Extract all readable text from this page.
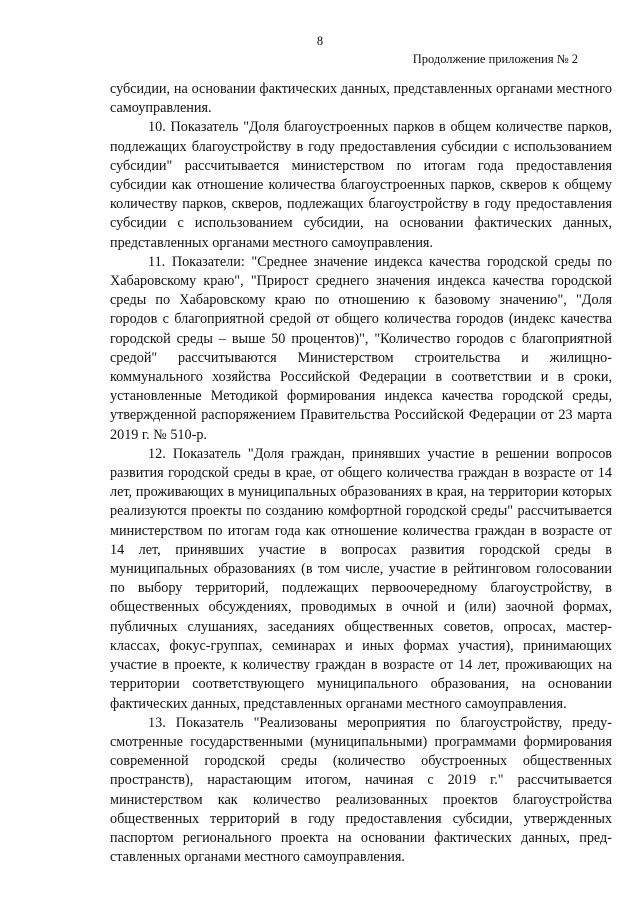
8
Продолжение приложения № 2

субсидии, на основании фактических данных, представленных органами местного самоуправления.

10. Показатель "Доля благоустроенных парков в общем количестве парков, подлежащих благоустройству в году предоставления субсидии с использованием субсидии" рассчитывается министерством по итогам года предоставления субсидии как отношение количества благоустроенных парков, скверов к общему количеству парков, скверов, подлежащих благоустройству в году предоставления субсидии с использованием субсидии, на основании фактических данных, представленных органами местного самоуправления.

11. Показатели: "Среднее значение индекса качества городской среды по Хабаровскому краю", "Прирост среднего значения индекса качества городской среды по Хабаровскому краю по отношению к базовому значению", "Доля городов с благоприятной средой от общего количества городов (индекс качества городской среды – выше 50 процентов)", "Количество городов с благоприятной средой" рассчитываются Министерством строительства и жилищно-коммунального хозяйства Российской Федерации в соответствии и в сроки, установленные Методикой формирования индекса качества городской среды, утвержденной распоряжением Правительства Российской Федерации от 23 марта 2019 г. № 510-р.

12. Показатель "Доля граждан, принявших участие в решении вопросов развития городской среды в крае, от общего количества граждан в возрасте от 14 лет, проживающих в муниципальных образованиях в края, на территории которых реализуются проекты по созданию комфортной городской среды" рассчитывается министерством по итогам года как отношение количества граждан в возрасте от 14 лет, принявших участие в вопросах развития городской среды в муниципальных образованиях (в том числе, участие в рейтинговом голосовании по выбору территорий, подлежащих первоочередному благоустройству, в общественных обсуждениях, проводимых в очной и (или) заочной формах, публичных слушаниях, заседаниях общественных советов, опросах, мастер-классах, фокус-группах, семинарах и иных формах участия), принимающих участие в проекте, к количеству граждан в возрасте от 14 лет, проживающих на территории соответствующего муниципального образования, на основании фактических данных, представленных органами местного самоуправления.

13. Показатель "Реализованы мероприятия по благоустройству, предусмотренные государственными (муниципальными) программами формирования современной городской среды (количество обустроенных общественных пространств), нарастающим итогом, начиная с 2019 г." рассчитывается министерством как количество реализованных проектов благоустройства общественных территорий в году предоставления субсидии, утвержденных паспортом регионального проекта на основании фактических данных, представленных органами местного самоуправления.
